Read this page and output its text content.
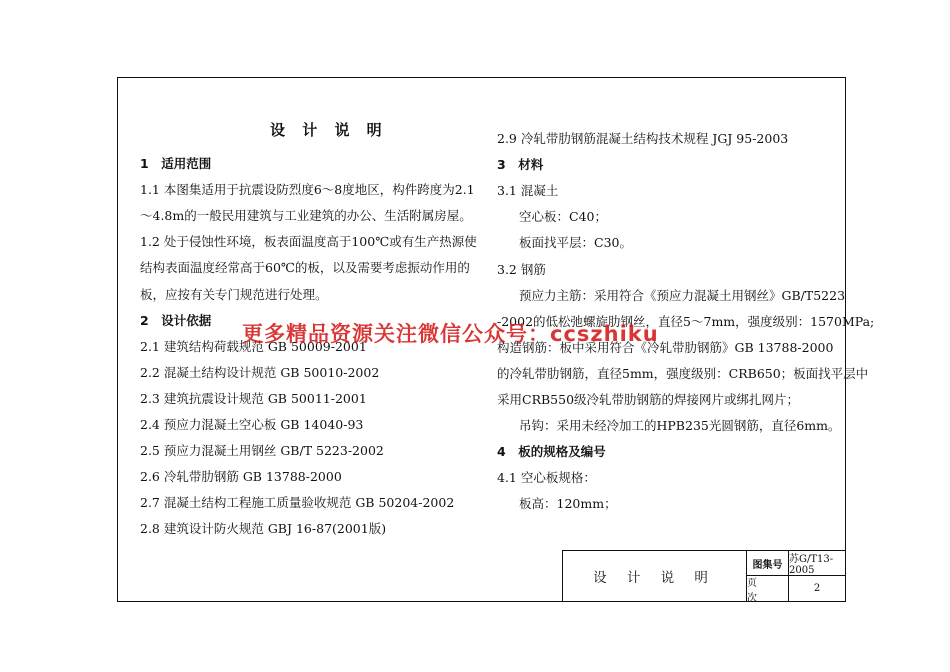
设 计 说 明
1　适用范围
1.1 本图集适用于抗震设防烈度6～8度地区，构件跨度为2.1
～4.8m的一般民用建筑与工业建筑的办公、生活附属房屋。
1.2 处于侵蚀性环境，板表面温度高于100℃或有生产热源使
结构表面温度经常高于60℃的板，以及需要考虑振动作用的
板，应按有关专门规范进行处理。
2　设计依据
2.1 建筑结构荷载规范 GB 50009-2001
2.2 混凝土结构设计规范 GB 50010-2002
2.3 建筑抗震设计规范 GB 50011-2001
2.4 预应力混凝土空心板 GB 14040-93
2.5 预应力混凝土用钢丝 GB/T 5223-2002
2.6 冷轧带肋钢筋 GB 13788-2000
2.7 混凝土结构工程施工质量验收规范 GB 50204-2002
2.8 建筑设计防火规范 GBJ 16-87(2001版)
2.9 冷轧带肋钢筋混凝土结构技术规程 JGJ 95-2003
3　材料
3.1 混凝土
空心板：C40；
板面找平层：C30。
3.2 钢筋
预应力主筋：采用符合《预应力混凝土用钢丝》GB/T5223
-2002的低松弛螺旋肋钢丝，直径5～7mm，强度级别：1570MPa;
构造钢筋：板中采用符合《冷轧带肋钢筋》GB 13788-2000
的冷轧带肋钢筋，直径5mm，强度级别：CRB650；板面找平层中
采用CRB550级冷轧带肋钢筋的焊接网片或绑扎网片；
吊钩：采用未经冷加工的HPB235光圆钢筋，直径6mm。
4　板的规格及编号
4.1 空心板规格：
板高：120mm；
更多精品资源关注微信公众号：ccszhiku
设 计 说 明
图集号 苏G/T13-2005
页 次
2
